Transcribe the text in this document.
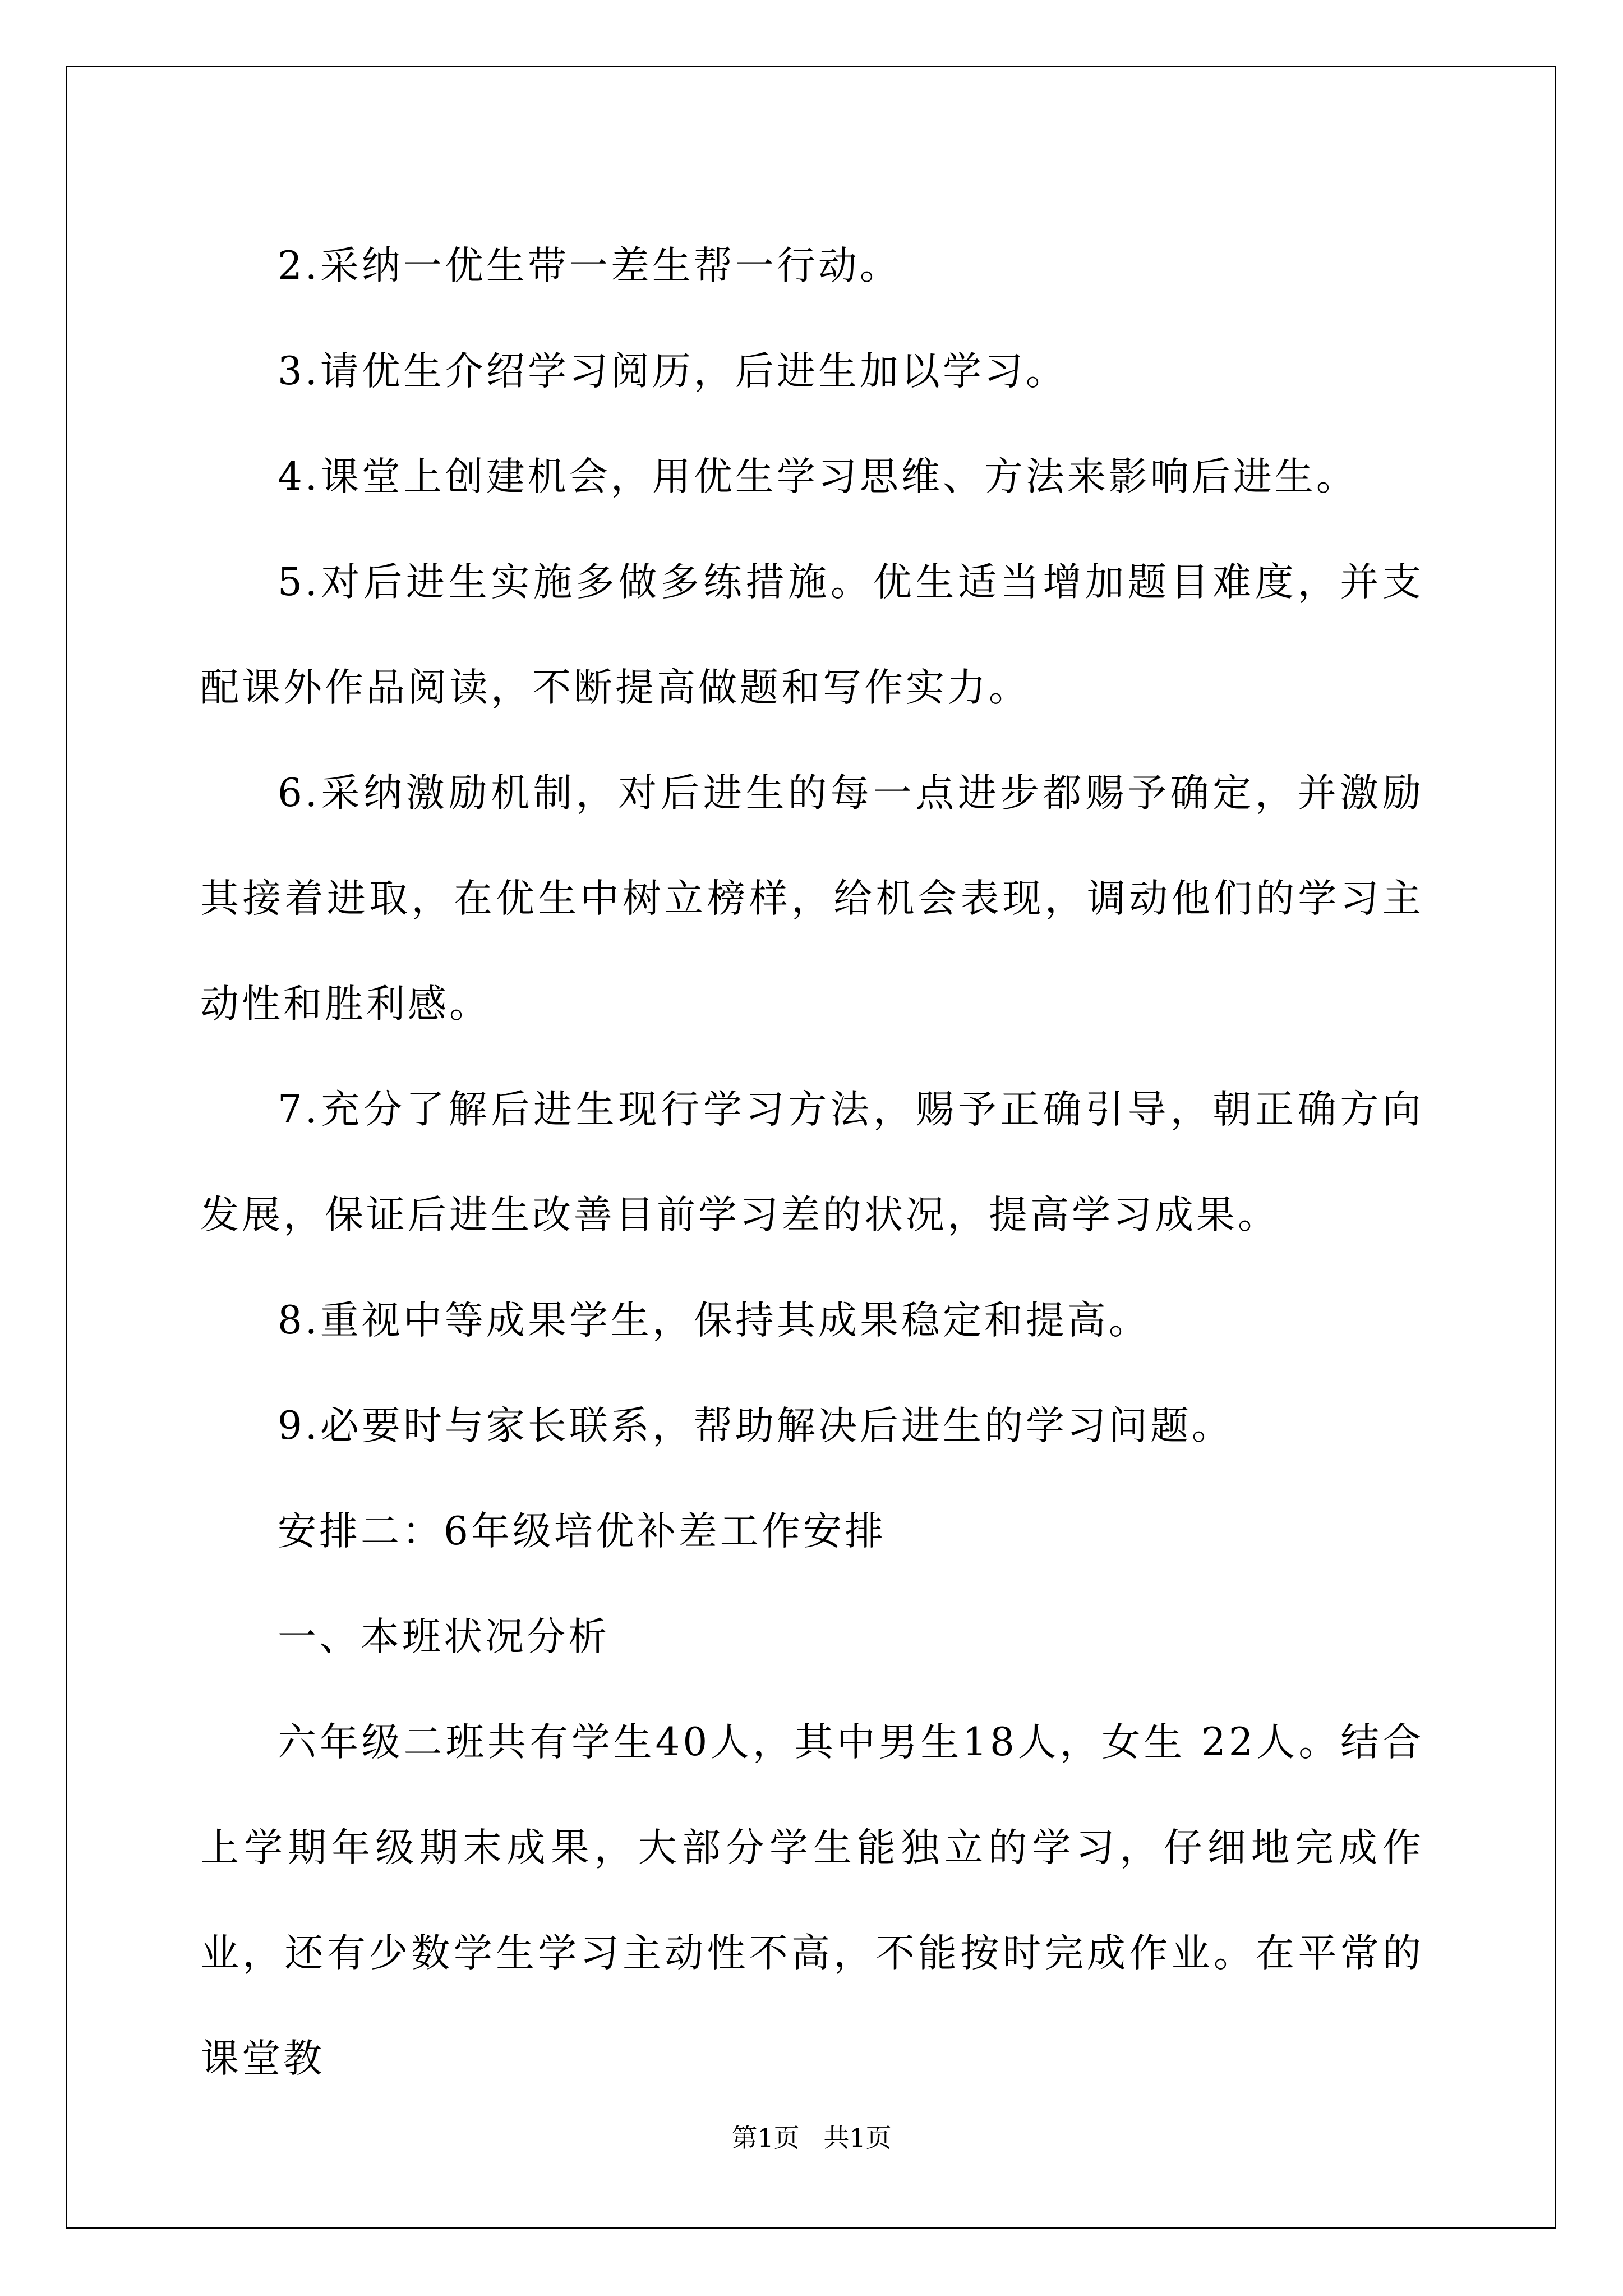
2.采纳一优生带一差生帮一行动。

3.请优生介绍学习阅历，后进生加以学习。

4.课堂上创建机会，用优生学习思维、方法来影响后进生。

5.对后进生实施多做多练措施。优生适当增加题目难度，并支配课外作品阅读，不断提高做题和写作实力。

6.采纳激励机制，对后进生的每一点进步都赐予确定，并激励其接着进取，在优生中树立榜样，给机会表现，调动他们的学习主动性和胜利感。

7.充分了解后进生现行学习方法，赐予正确引导，朝正确方向发展，保证后进生改善目前学习差的状况，提高学习成果。

8.重视中等成果学生，保持其成果稳定和提高。

9.必要时与家长联系，帮助解决后进生的学习问题。

安排二：6年级培优补差工作安排

一、本班状况分析

六年级二班共有学生40人，其中男生18人，女生 22人。结合上学期年级期末成果，大部分学生能独立的学习，仔细地完成作业，还有少数学生学习主动性不高，不能按时完成作业。在平常的课堂教

第1页 共1页
